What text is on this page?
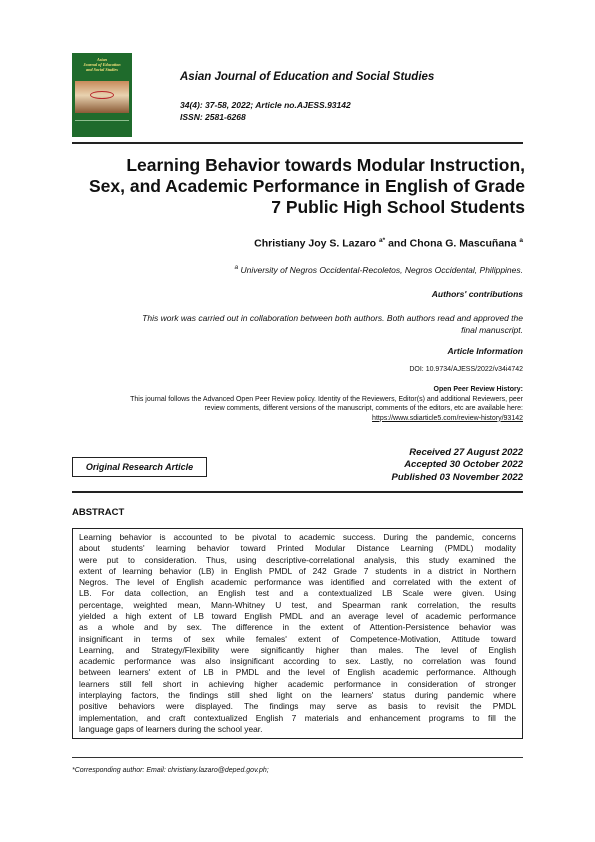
Asian
Journal of Education
and Social Studies
Asian Journal of Education and Social Studies
34(4): 37-58, 2022; Article no.AJESS.93142
ISSN: 2581-6268
Learning Behavior towards Modular Instruction,
Sex, and Academic Performance in English of Grade
7 Public High School Students
Christiany Joy S. Lazaro $^{a*}$ and Chona G. Mascuñana $^a$
$^a$ University of Negros Occidental-Recoletos, Negros Occidental, Philippines.
Authors' contributions
This work was carried out in collaboration between both authors. Both authors read and approved the
final manuscript.
Article Information
DOI: 10.9734/AJESS/2022/v34i4742
Open Peer Review History:
This journal follows the Advanced Open Peer Review policy. Identity of the Reviewers, Editor(s) and additional Reviewers, peer
review comments, different versions of the manuscript, comments of the editors, etc are available here:
https://www.sdiarticle5.com/review-history/93142
Original Research Article
Received 27 August 2022
Accepted 30 October 2022
Published 03 November 2022
ABSTRACT
Learning behavior is accounted to be pivotal to academic success. During the pandemic, concerns
about students' learning behavior toward Printed Modular Distance Learning (PMDL) modality
were put to consideration. Thus, using descriptive-correlational analysis, this study examined the
extent of learning behavior (LB) in English PMDL of 242 Grade 7 students in a district in Northern
Negros. The level of English academic performance was identified and correlated with the extent of
LB. For data collection, an English test and a contextualized LB Scale were given. Using
percentage, weighted mean, Mann-Whitney U test, and Spearman rank correlation, the results
yielded a high extent of LB toward English PMDL and an average level of academic performance
as a whole and by sex. The difference in the extent of Attention-Persistence behavior was
insignificant in terms of sex while females' extent of Competence-Motivation, Attitude toward
Learning, and Strategy/Flexibility were significantly higher than males. The level of English
academic performance was also insignificant according to sex. Lastly, no correlation was found
between learners' extent of LB in PMDL and the level of English academic performance. Although
learners still fell short in achieving higher academic performance in consideration of stronger
interplaying factors, the findings still shed light on the learners' status during pandemic where
positive behaviors were displayed. The findings may serve as basis to revisit the PMDL
implementation, and craft contextualized English 7 materials and enhancement programs to fill the
language gaps of learners during the school year.
*Corresponding author: Email: christiany.lazaro@deped.gov.ph;
